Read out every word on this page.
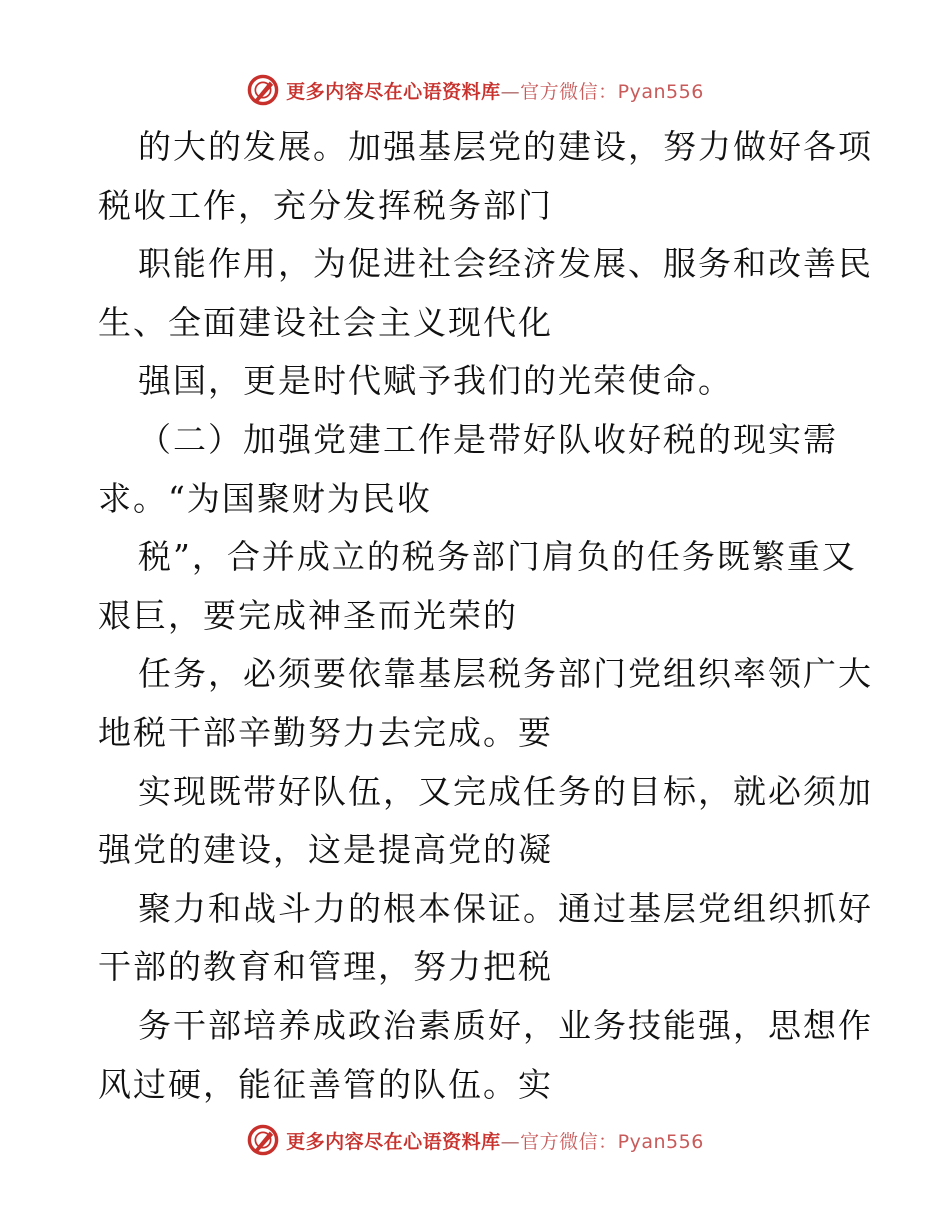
更多内容尽在心语资料库—官方微信：Pyan556
的大的发展。加强基层党的建设，努力做好各项
税收工作，充分发挥税务部门
职能作用，为促进社会经济发展、服务和改善民
生、全面建设社会主义现代化
强国，更是时代赋予我们的光荣使命。
（二）加强党建工作是带好队收好税的现实需
求。“为国聚财为民收
税”，合并成立的税务部门肩负的任务既繁重又
艰巨，要完成神圣而光荣的
任务，必须要依靠基层税务部门党组织率领广大
地税干部辛勤努力去完成。要
实现既带好队伍，又完成任务的目标，就必须加
强党的建设，这是提高党的凝
聚力和战斗力的根本保证。通过基层党组织抓好
干部的教育和管理，努力把税
务干部培养成政治素质好，业务技能强，思想作
风过硬，能征善管的队伍。实
更多内容尽在心语资料库—官方微信：Pyan556
